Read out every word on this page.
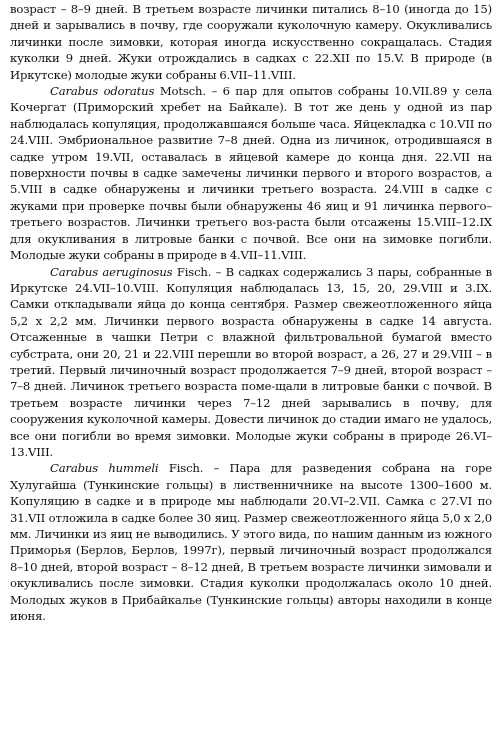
возраст – 8–9 дней. В третьем возрасте личинки питались 8–10 (иногда до 15) дней и зарывались в почву, где сооружали куколочную камеру. Окукливались личинки после зимовки, которая иногда искусственно сокращалась. Стадия куколки 9 дней. Жуки отрождались в садках с 22.XII по 15.V. В природе (в Иркутске) молодые жуки собраны 6.VII–11.VIII.

Carabus odoratus Motsch. – 6 пар для опытов собраны 10.VII.89 у села Кочергат (Приморский хребет на Байкале). В тот же день у одной из пар наблюдалась копуляция, продолжавшаяся больше часа. Яйцекладка с 10.VII по 24.VIII. Эмбриональное развитие 7–8 дней. Одна из личинок, отродившаяся в садке утром 19.VII, оставалась в яйцевой камере до конца дня. 22.VII на поверхности почвы в садке замечены личинки первого и второго возрастов, а 5.VIII в садке обнаружены и личинки третьего возраста. 24.VIII в садке с жуками при проверке почвы были обнаружены 46 яиц и 91 личинка первого–третьего возрастов. Личинки третьего воз-раста были отсажены 15.VIII–12.IX для окукливания в литровые банки с почвой. Все они на зимовке погибли. Молодые жуки собраны в природе в 4.VII–11.VIII.

Carabus aeruginosus Fisch. – В садках содержались 3 пары, собранные в Иркутске 24.VII–10.VIII. Копуляция наблюдалась 13, 15, 20, 29.VIII и 3.IX. Самки откладывали яйца до конца сентября. Размер свежеотложенного яйца 5,2 х 2,2 мм. Личинки первого возраста обнаружены в садке 14 августа. Отсаженные в чашки Петри с влажной фильтровальной бумагой вместо субстрата, они 20, 21 и 22.VIII перешли во второй возраст, а 26, 27 и 29.VIII – в третий. Первый личиночный возраст продолжается 7–9 дней, второй возраст – 7–8 дней. Личинок третьего возраста поме-щали в литровые банки с почвой. В третьем возрасте личинки через 7–12 дней зарывались в почву, для сооружения куколочной камеры. Довести личинок до стадии имаго не удалось, все они погибли во время зимовки. Молодые жуки собраны в природе 26.VI–13.VIII.

Carabus hummeli Fisch. – Пара для разведения собрана на горе Хулугайша (Тункинские гольцы) в лиственничнике на высоте 1300–1600 м. Копуляцию в садке и в природе мы наблюдали 20.VI–2.VII. Самка с 27.VI по 31.VII отложила в садке более 30 яиц. Размер свежеотложенного яйца 5,0 х 2,0 мм. Личинки из яиц не выводились. У этого вида, по нашим данным из южного Приморья (Берлов, Берлов, 1997г), первый личиночный возраст продолжался 8–10 дней, второй возраст – 8–12 дней, В третьем возрасте личинки зимовали и окукливались после зимовки. Стадия куколки продолжалась около 10 дней. Молодых жуков в Прибайкалье (Тункинские гольцы) авторы находили в конце июня.
